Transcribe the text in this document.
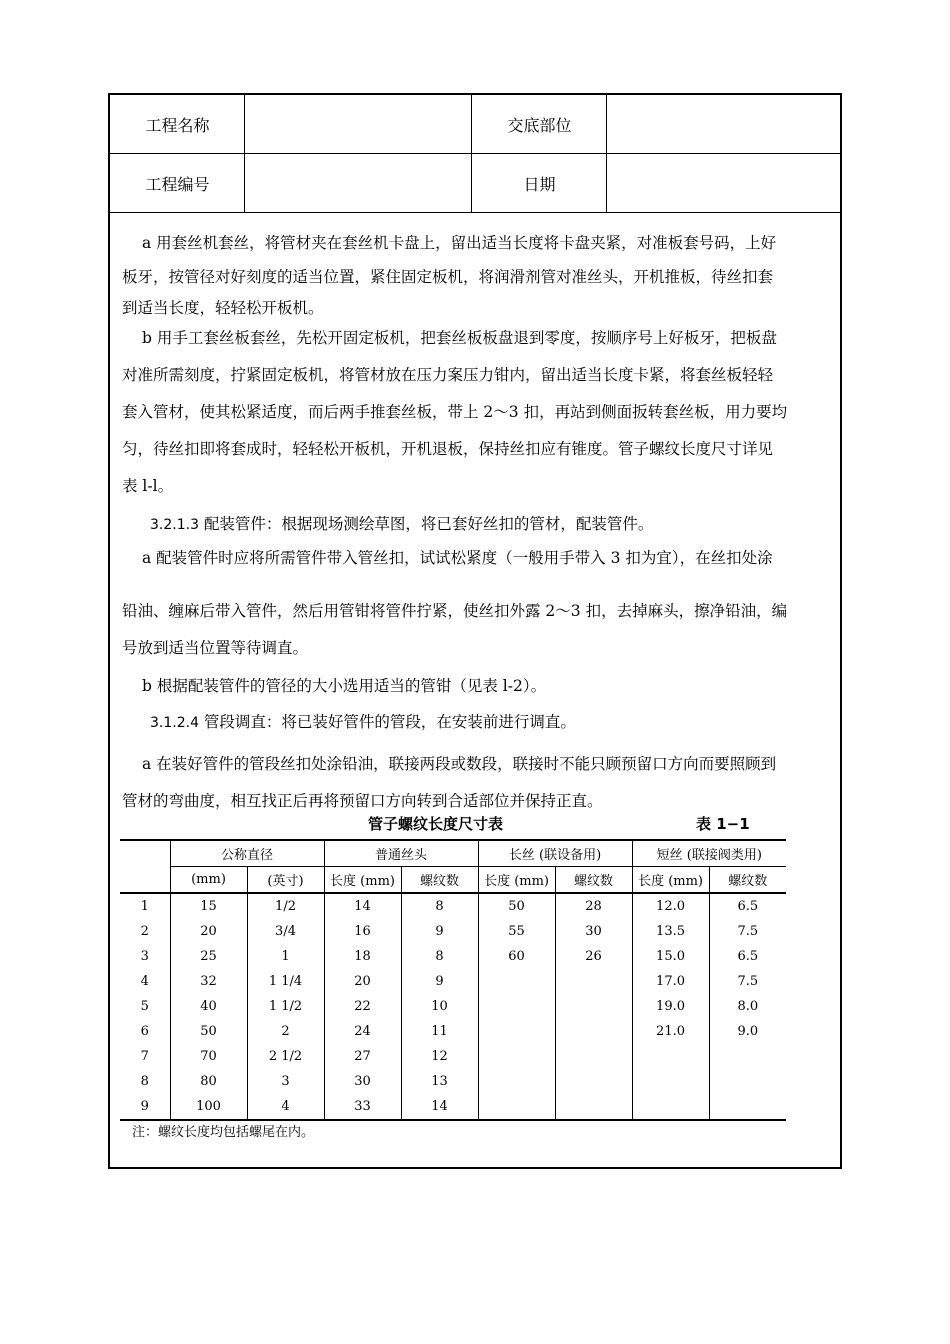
工程名称	交底部位
工程编号	日期
a 用套丝机套丝，将管材夹在套丝机卡盘上，留出适当长度将卡盘夹紧，对准板套号码，上好
板牙，按管径对好刻度的适当位置，紧住固定板机，将润滑剂管对准丝头，开机推板，待丝扣套
到适当长度，轻轻松开板机。
b 用手工套丝板套丝，先松开固定板机，把套丝板板盘退到零度，按顺序号上好板牙，把板盘
对准所需刻度，拧紧固定板机，将管材放在压力案压力钳内，留出适当长度卡紧，将套丝板轻轻
套入管材，使其松紧适度，而后两手推套丝板，带上 2～3 扣，再站到侧面扳转套丝板，用力要均
匀，待丝扣即将套成时，轻轻松开板机，开机退板，保持丝扣应有锥度。管子螺纹长度尺寸详见
表 l-l。
3.2.1.3 配装管件：根据现场测绘草图，将已套好丝扣的管材，配装管件。
a 配装管件时应将所需管件带入管丝扣，试试松紧度（一般用手带入 3 扣为宜），在丝扣处涂
铅油、缠麻后带入管件，然后用管钳将管件拧紧，使丝扣外露 2～3 扣，去掉麻头，擦净铅油，编
号放到适当位置等待调直。
b 根据配装管件的管径的大小选用适当的管钳（见表 l-2）。
3.1.2.4 管段调直：将已装好管件的管段，在安装前进行调直。
a 在装好管件的管段丝扣处涂铅油，联接两段或数段，联接时不能只顾预留口方向而要照顾到
管材的弯曲度，相互找正后再将预留口方向转到合适部位并保持正直。
管子螺纹长度尺寸表	表 1−1
	公称直径		普通丝头		长丝 (联设备用)		短丝 (联接阀类用)	
	(mm)	(英寸)	长度 (mm)	螺纹数	长度 (mm)	螺纹数	长度 (mm)	螺纹数
1	15	1/2	14	8	50	28	12.0	6.5
2	20	3/4	16	9	55	30	13.5	7.5
3	25	1	18	8	60	26	15.0	6.5
4	32	1 1/4	20	9			17.0	7.5
5	40	1 1/2	22	10			19.0	8.0
6	50	2	24	11			21.0	9.0
7	70	2 1/2	27	12				
8	80	3	30	13				
9	100	4	33	14				
注：螺纹长度均包括螺尾在内。
